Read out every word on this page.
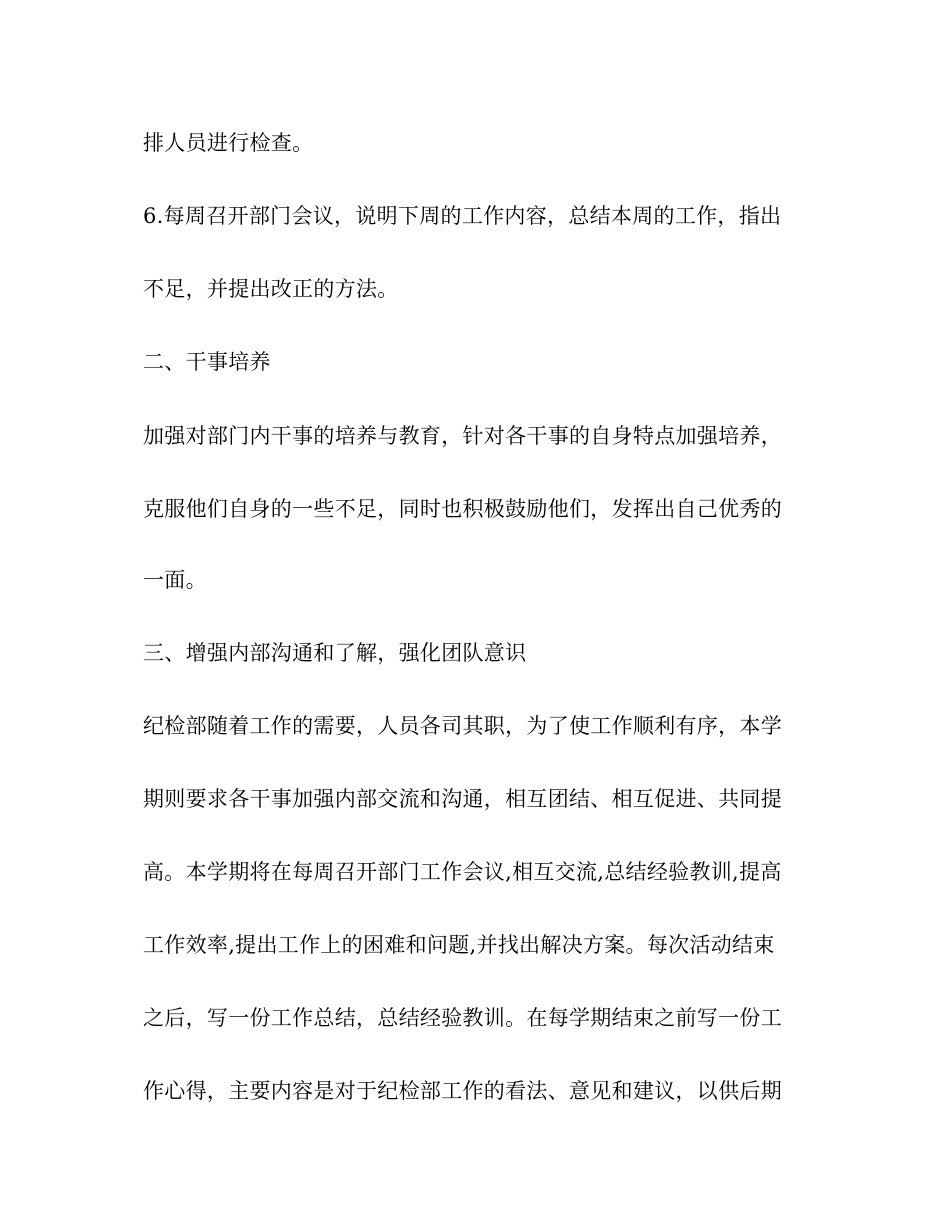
排人员进行检查。
6.每周召开部门会议，说明下周的工作内容，总结本周的工作，指出
不足，并提出改正的方法。
二、干事培养
加强对部门内干事的培养与教育，针对各干事的自身特点加强培养，
克服他们自身的一些不足，同时也积极鼓励他们，发挥出自己优秀的
一面。
三、增强内部沟通和了解，强化团队意识
纪检部随着工作的需要，人员各司其职，为了使工作顺利有序，本学
期则要求各干事加强内部交流和沟通，相互团结、相互促进、共同提
高。本学期将在每周召开部门工作会议,相互交流,总结经验教训,提高
工作效率,提出工作上的困难和问题,并找出解决方案。每次活动结束
之后，写一份工作总结，总结经验教训。在每学期结束之前写一份工
作心得，主要内容是对于纪检部工作的看法、意见和建议，以供后期
